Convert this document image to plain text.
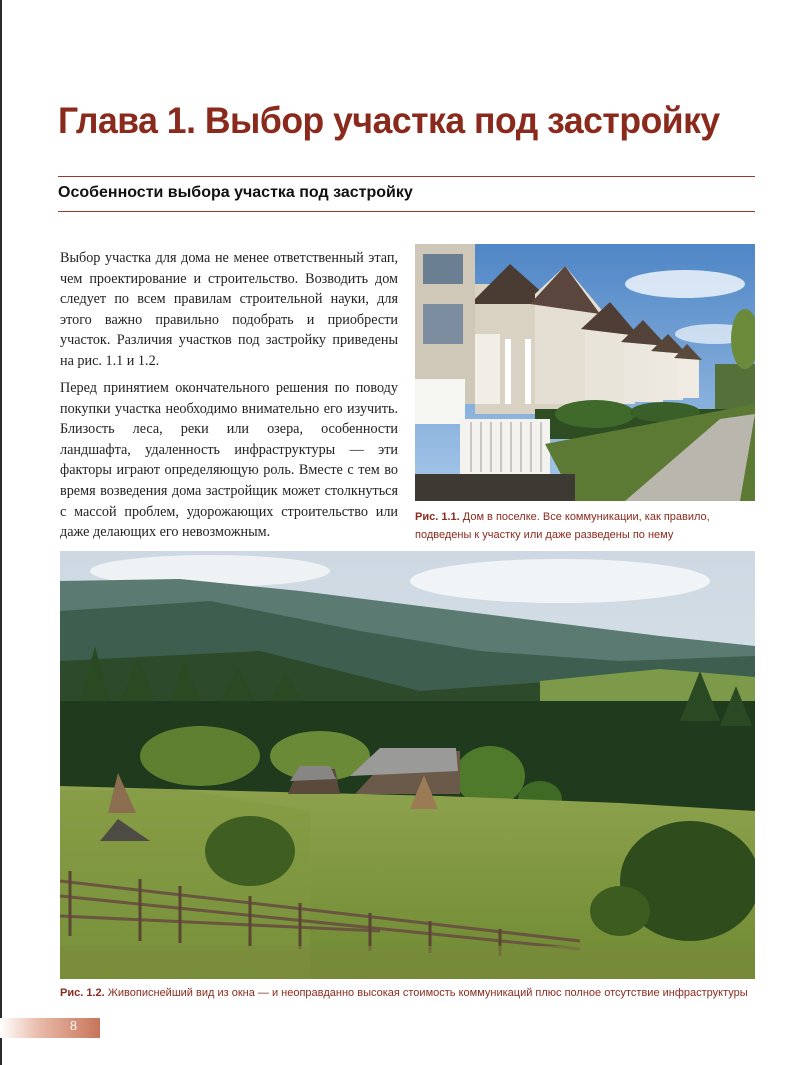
Глава 1. Выбор участка под застройку
Особенности выбора участка под застройку

Выбор участка для дома не менее ответственный этап, чем проектирование и строительство. Возводить дом следует по всем правилам строительной науки, для этого важно правильно подобрать и приобрести участок. Различия участков под застройку приведены на рис. 1.1 и 1.2.

Перед принятием окончательного решения по поводу покупки участка необходимо внимательно его изучить. Близость леса, реки или озера, особенности ландшафта, удаленность инфраструктуры — эти факторы играют определяющую роль. Вместе с тем во время возведения дома застройщик может столкнуться с массой проблем, удорожающих строительство или даже делающих его невозможным.

Рис. 1.1. Дом в поселке. Все коммуникации, как правило, подведены к участку или даже разведены по нему
Рис. 1.2. Живописнейший вид из окна — и неоправданно высокая стоимость коммуникаций плюс полное отсутствие инфраструктуры
8
